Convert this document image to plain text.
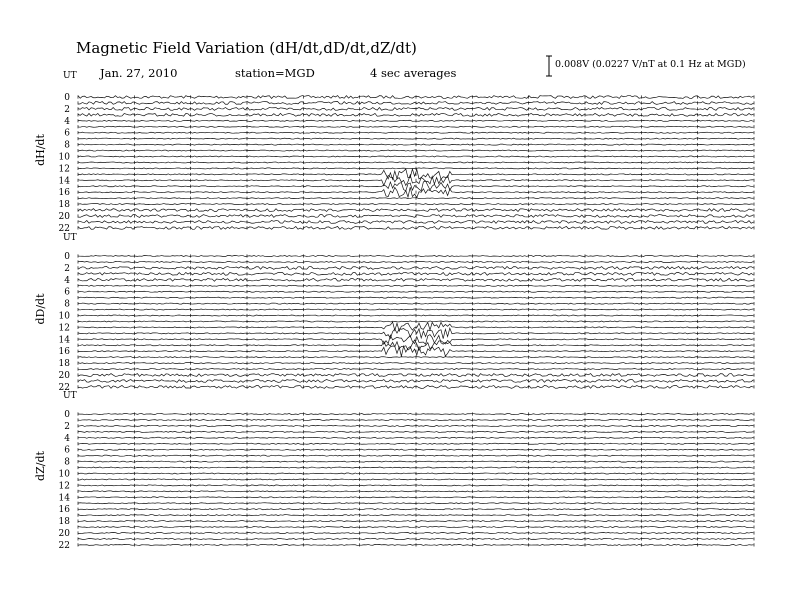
Magnetic Field Variation (dH/dt,dD/dt,dZ/dt)
Jan. 27, 2010	station=MGD	4 sec averages
0.008V (0.0227 V/nT at 0.1 Hz at MGD)
UT
0
2
4
6
8
10
12
14
16
18
20
22
dH/dt
UT
0
2
4
6
8
10
12
14
16
18
20
22
dD/dt
UT
0
2
4
6
8
10
12
14
16
18
20
22
dZ/dt
